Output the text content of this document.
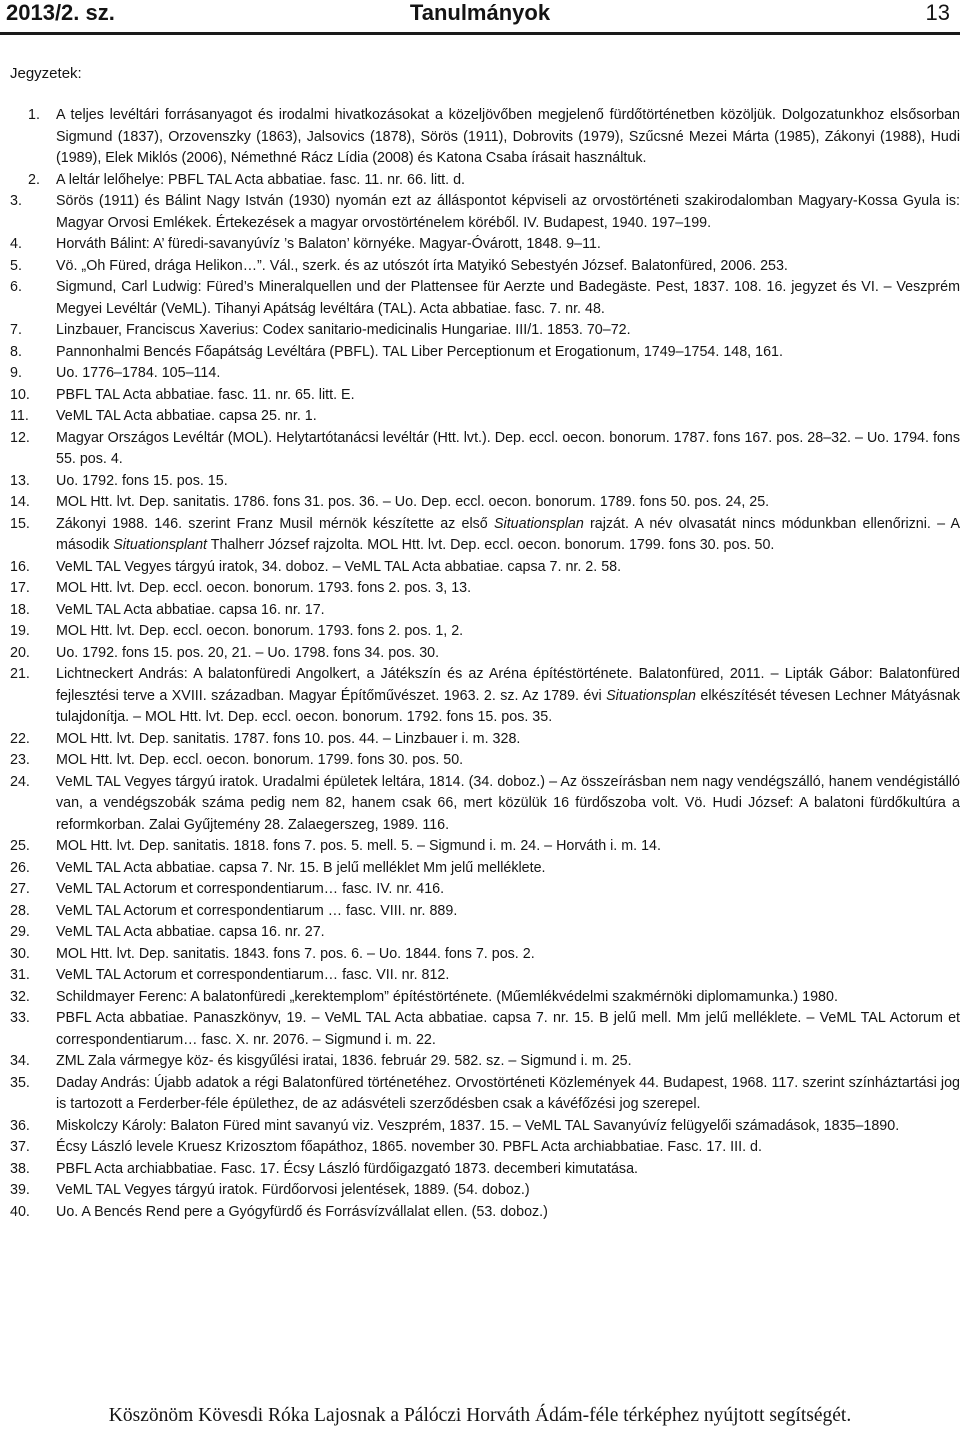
2013/2. sz.	Tanulmányok	13
Jegyzetek:
1. A teljes levéltári forrásanyagot és irodalmi hivatkozásokat a közeljövőben megjelenő fürdőtörténetben közöljük. Dolgozatunkhoz elsősorban Sigmund (1837), Orzovenszky (1863), Jalsovics (1878), Sörös (1911), Dobrovits (1979), Szűcsné Mezei Márta (1985), Zákonyi (1988), Hudi (1989), Elek Miklós (2006), Némethné Rácz Lídia (2008) és Katona Csaba írásait használtuk.
2. A leltár lelőhelye: PBFL TAL Acta abbatiae. fasc. 11. nr. 66. litt. d.
3. Sörös (1911) és Bálint Nagy István (1930) nyomán ezt az álláspontot képviseli az orvostörténeti szakirodalomban Magyary-Kossa Gyula is: Magyar Orvosi Emlékek. Értekezések a magyar orvostörténelem köréből. IV. Budapest, 1940. 197–199.
4. Horváth Bálint: A’ füredi-savanyúvíz ’s Balaton’ környéke. Magyar-Óvárott, 1848. 9–11.
5. Vö. „Oh Füred, drága Helikon…”. Vál., szerk. és az utószót írta Matyikó Sebestyén József. Balatonfüred, 2006. 253.
6. Sigmund, Carl Ludwig: Füred’s Mineralquellen und der Plattensee für Aerzte und Badegäste. Pest, 1837. 108. 16. jegyzet és VI. – Veszprém Megyei Levéltár (VeML). Tihanyi Apátság levéltára (TAL). Acta abbatiae. fasc. 7. nr. 48.
7. Linzbauer, Franciscus Xaverius: Codex sanitario-medicinalis Hungariae. III/1. 1853. 70–72.
8. Pannonhalmi Bencés Főapátság Levéltára (PBFL). TAL Liber Perceptionum et Erogationum, 1749–1754. 148, 161.
9. Uo. 1776–1784. 105–114.
10. PBFL TAL Acta abbatiae. fasc. 11. nr. 65. litt. E.
11. VeML TAL Acta abbatiae. capsa 25. nr. 1.
12. Magyar Országos Levéltár (MOL). Helytartótanácsi levéltár (Htt. lvt.). Dep. eccl. oecon. bonorum. 1787. fons 167. pos. 28–32. – Uo. 1794. fons 55. pos. 4.
13. Uo. 1792. fons 15. pos. 15.
14. MOL Htt. lvt. Dep. sanitatis. 1786. fons 31. pos. 36. – Uo. Dep. eccl. oecon. bonorum. 1789. fons 50. pos. 24, 25.
15. Zákonyi 1988. 146. szerint Franz Musil mérnök készítette az első Situationsplan rajzát. A név olvasatát nincs módunkban ellenőrizni. – A második Situationsplant Thalherr József rajzolta. MOL Htt. lvt. Dep. eccl. oecon. bonorum. 1799. fons 30. pos. 50.
16. VeML TAL Vegyes tárgyú iratok, 34. doboz. – VeML TAL Acta abbatiae. capsa 7. nr. 2. 58.
17. MOL Htt. lvt. Dep. eccl. oecon. bonorum. 1793. fons 2. pos. 3, 13.
18. VeML TAL Acta abbatiae. capsa 16. nr. 17.
19. MOL Htt. lvt. Dep. eccl. oecon. bonorum. 1793. fons 2. pos. 1, 2.
20. Uo. 1792. fons 15. pos. 20, 21. – Uo. 1798. fons 34. pos. 30.
21. Lichtneckert András: A balatonfüredi Angolkert, a Játékszín és az Aréna építéstörténete. Balatonfüred, 2011. – Lipták Gábor: Balatonfüred fejlesztési terve a XVIII. században. Magyar Építőművészet. 1963. 2. sz. Az 1789. évi Situationsplan elkészítését tévesen Lechner Mátyásnak tulajdonítja. – MOL Htt. lvt. Dep. eccl. oecon. bonorum. 1792. fons 15. pos. 35.
22. MOL Htt. lvt. Dep. sanitatis. 1787. fons 10. pos. 44. – Linzbauer i. m. 328.
23. MOL Htt. lvt. Dep. eccl. oecon. bonorum. 1799. fons 30. pos. 50.
24. VeML TAL Vegyes tárgyú iratok. Uradalmi épületek leltára, 1814. (34. doboz.) – Az összeírásban nem nagy vendégszálló, hanem vendégistálló van, a vendégszobák száma pedig nem 82, hanem csak 66, mert közülük 16 fürdőszoba volt. Vö. Hudi József: A balatoni fürdőkultúra a reformkorban. Zalai Gyűjtemény 28. Zalaegerszeg, 1989. 116.
25. MOL Htt. lvt. Dep. sanitatis. 1818. fons 7. pos. 5. mell. 5. – Sigmund i. m. 24. – Horváth i. m. 14.
26. VeML TAL Acta abbatiae. capsa 7. Nr. 15. B jelű melléklet Mm jelű melléklete.
27. VeML TAL Actorum et correspondentiarum… fasc. IV. nr. 416.
28. VeML TAL Actorum et correspondentiarum … fasc. VIII. nr. 889.
29. VeML TAL Acta abbatiae. capsa 16. nr. 27.
30. MOL Htt. lvt. Dep. sanitatis. 1843. fons 7. pos. 6. – Uo. 1844. fons 7. pos. 2.
31. VeML TAL Actorum et correspondentiarum… fasc. VII. nr. 812.
32. Schildmayer Ferenc: A balatonfüredi „kerektemplom” építéstörténete. (Műemlékvédelmi szakmérnöki diplomamunka.) 1980.
33. PBFL Acta abbatiae. Panaszkönyv, 19. – VeML TAL Acta abbatiae. capsa 7. nr. 15. B jelű mell. Mm jelű melléklete. – VeML TAL Actorum et correspondentiarum… fasc. X. nr. 2076. – Sigmund i. m. 22.
34. ZML Zala vármegye köz- és kisgyűlési iratai, 1836. február 29. 582. sz. – Sigmund i. m. 25.
35. Daday András: Újabb adatok a régi Balatonfüred történetéhez. Orvostörténeti Közlemények 44. Budapest, 1968. 117. szerint színháztartási jog is tartozott a Ferderber-féle épülethez, de az adásvételi szerződésben csak a kávéfőzési jog szerepel.
36. Miskolczy Károly: Balaton Füred mint savanyú viz. Veszprém, 1837. 15. – VeML TAL Savanyúvíz felügyelői számadások, 1835–1890.
37. Écsy László levele Kruesz Krizosztom főapáthoz, 1865. november 30. PBFL Acta archiabbatiae. Fasc. 17. III. d.
38. PBFL Acta archiabbatiae. Fasc. 17. Écsy László fürdőigazgató 1873. decemberi kimutatása.
39. VeML TAL Vegyes tárgyú iratok. Fürdőorvosi jelentések, 1889. (54. doboz.)
40. Uo. A Bencés Rend pere a Gyógyfürdő és Forrásvízvállalat ellen. (53. doboz.)
Köszönöm Kövesdi Róka Lajosnak a Pálóczi Horváth Ádám-féle térképhez nyújtott segítségét.
